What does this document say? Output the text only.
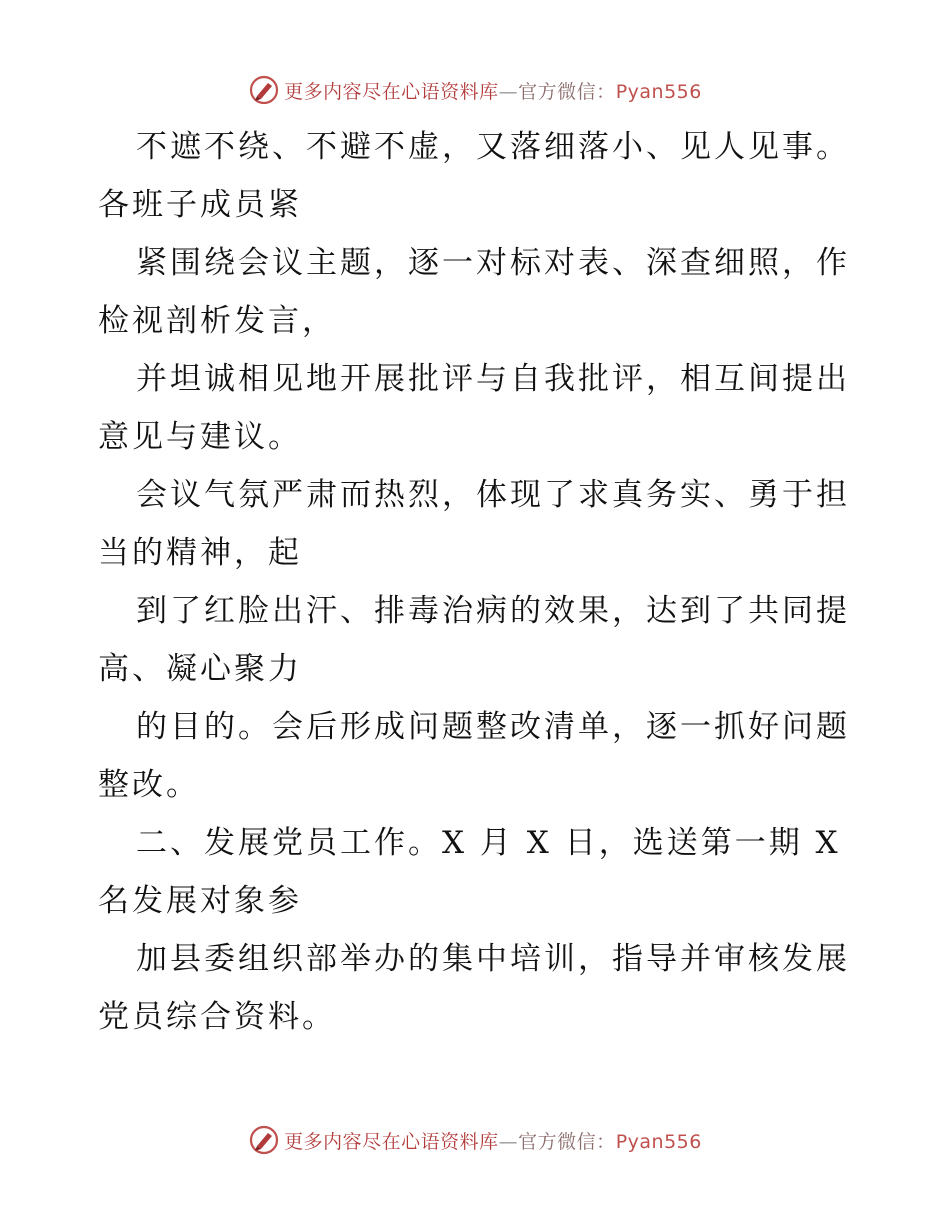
更多内容尽在心语资料库—官方微信：Pyan556
不遮不绕、不避不虚，又落细落小、见人见事。
各班子成员紧
紧围绕会议主题，逐一对标对表、深查细照，作
检视剖析发言，
并坦诚相见地开展批评与自我批评，相互间提出
意见与建议。
会议气氛严肃而热烈，体现了求真务实、勇于担
当的精神，起
到了红脸出汗、排毒治病的效果，达到了共同提
高、凝心聚力
的目的。会后形成问题整改清单，逐一抓好问题
整改。
二、发展党员工作。X 月 X 日，选送第一期 X
名发展对象参
加县委组织部举办的集中培训，指导并审核发展
党员综合资料。
更多内容尽在心语资料库—官方微信：Pyan556
